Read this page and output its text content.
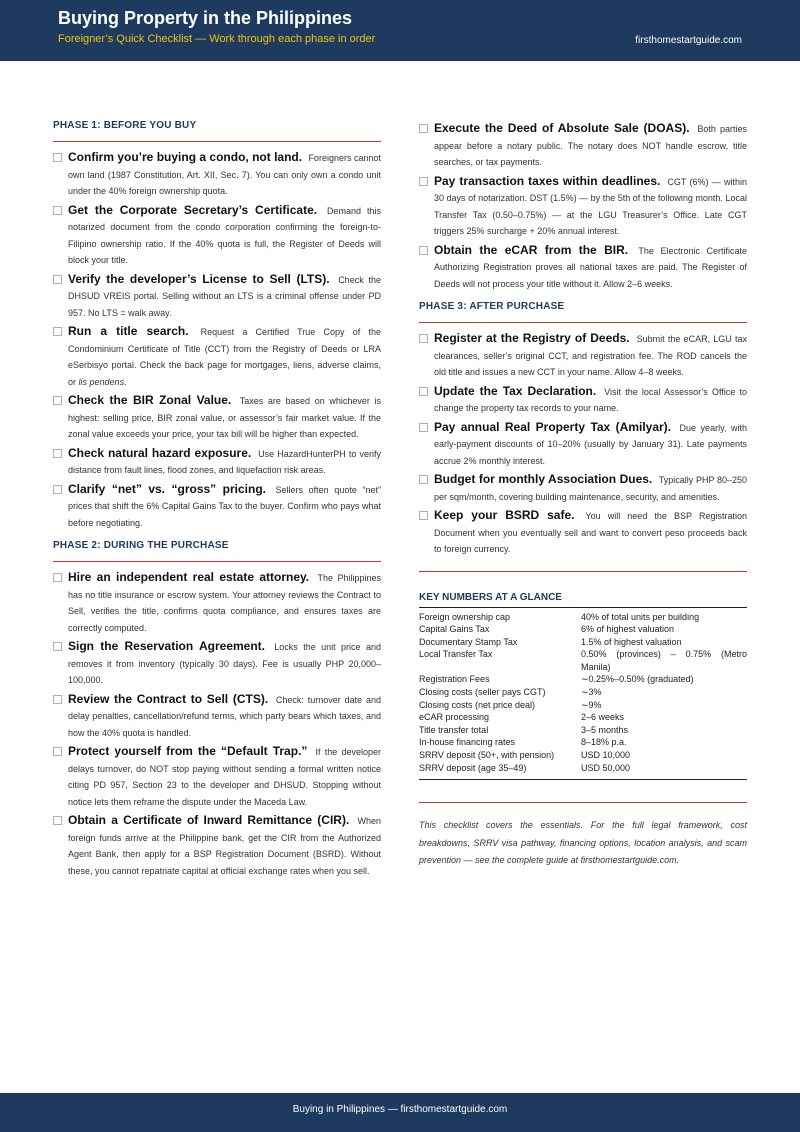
Buying Property in the Philippines
Foreigner’s Quick Checklist — Work through each phase in order	firsthomestartguide.com
PHASE 1: BEFORE YOU BUY
Confirm you’re buying a condo, not land. Foreigners cannot own land (1987 Constitution, Art. XII, Sec. 7). You can only own a condo unit under the 40% foreign ownership quota.
Get the Corporate Secretary’s Certificate. Demand this notarized document from the condo corporation confirming the foreign-to-Filipino ownership ratio. If the 40% quota is full, the Register of Deeds will block your title.
Verify the developer’s License to Sell (LTS). Check the DHSUD VREIS portal. Selling without an LTS is a criminal offense under PD 957. No LTS = walk away.
Run a title search. Request a Certified True Copy of the Condominium Certificate of Title (CCT) from the Registry of Deeds or LRA eSerbisyo portal. Check the back page for mortgages, liens, adverse claims, or lis pendens.
Check the BIR Zonal Value. Taxes are based on whichever is highest: selling price, BIR zonal value, or assessor’s fair market value. If the zonal value exceeds your price, your tax bill will be higher than expected.
Check natural hazard exposure. Use HazardHunterPH to verify distance from fault lines, flood zones, and liquefaction risk areas.
Clarify “net” vs. “gross” pricing. Sellers often quote “net” prices that shift the 6% Capital Gains Tax to the buyer. Confirm who pays what before negotiating.
PHASE 2: DURING THE PURCHASE
Hire an independent real estate attorney. The Philippines has no title insurance or escrow system. Your attorney reviews the Contract to Sell, verifies the title, confirms quota compliance, and ensures taxes are correctly computed.
Sign the Reservation Agreement. Locks the unit price and removes it from inventory (typically 30 days). Fee is usually PHP 20,000–100,000.
Review the Contract to Sell (CTS). Check: turnover date and delay penalties, cancellation/refund terms, which party bears which taxes, and how the 40% quota is handled.
Protect yourself from the “Default Trap.” If the developer delays turnover, do NOT stop paying without sending a formal written notice citing PD 957, Section 23 to the developer and DHSUD. Stopping without notice lets them reframe the dispute under the Maceda Law.
Obtain a Certificate of Inward Remittance (CIR). When foreign funds arrive at the Philippine bank, get the CIR from the Authorized Agent Bank, then apply for a BSP Registration Document (BSRD). Without these, you cannot repatriate capital at official exchange rates when you sell.
Execute the Deed of Absolute Sale (DOAS). Both parties appear before a notary public. The notary does NOT handle escrow, title searches, or tax payments.
Pay transaction taxes within deadlines. CGT (6%) — within 30 days of notarization. DST (1.5%) — by the 5th of the following month. Local Transfer Tax (0.50–0.75%) — at the LGU Treasurer’s Office. Late CGT triggers 25% surcharge + 20% annual interest.
Obtain the eCAR from the BIR. The Electronic Certificate Authorizing Registration proves all national taxes are paid. The Register of Deeds will not process your title without it. Allow 2–6 weeks.
PHASE 3: AFTER PURCHASE
Register at the Registry of Deeds. Submit the eCAR, LGU tax clearances, seller’s original CCT, and registration fee. The ROD cancels the old title and issues a new CCT in your name. Allow 4–8 weeks.
Update the Tax Declaration. Visit the local Assessor’s Office to change the property tax records to your name.
Pay annual Real Property Tax (Amilyar). Due yearly, with early-payment discounts of 10–20% (usually by January 31). Late payments accrue 2% monthly interest.
Budget for monthly Association Dues. Typically PHP 80–250 per sqm/month, covering building maintenance, security, and amenities.
Keep your BSRD safe. You will need the BSP Registration Document when you eventually sell and want to convert peso proceeds back to foreign currency.
KEY NUMBERS AT A GLANCE
Foreign ownership cap	40% of total units per building
Capital Gains Tax	6% of highest valuation
Documentary Stamp Tax	1.5% of highest valuation
Local Transfer Tax	0.50% (provinces) – 0.75% (Metro Manila)
Registration Fees	∼0.25%–0.50% (graduated)
Closing costs (seller pays CGT)	∼3%
Closing costs (net price deal)	∼9%
eCAR processing	2–6 weeks
Title transfer total	3–5 months
In-house financing rates	8–18% p.a.
SRRV deposit (50+, with pension)	USD 10,000
SRRV deposit (age 35–49)	USD 50,000

This checklist covers the essentials. For the full legal framework, cost breakdowns, SRRV visa pathway, financing options, location analysis, and scam prevention — see the complete guide at firsthomestartguide.com.

Buying in Philippines — firsthomestartguide.com
